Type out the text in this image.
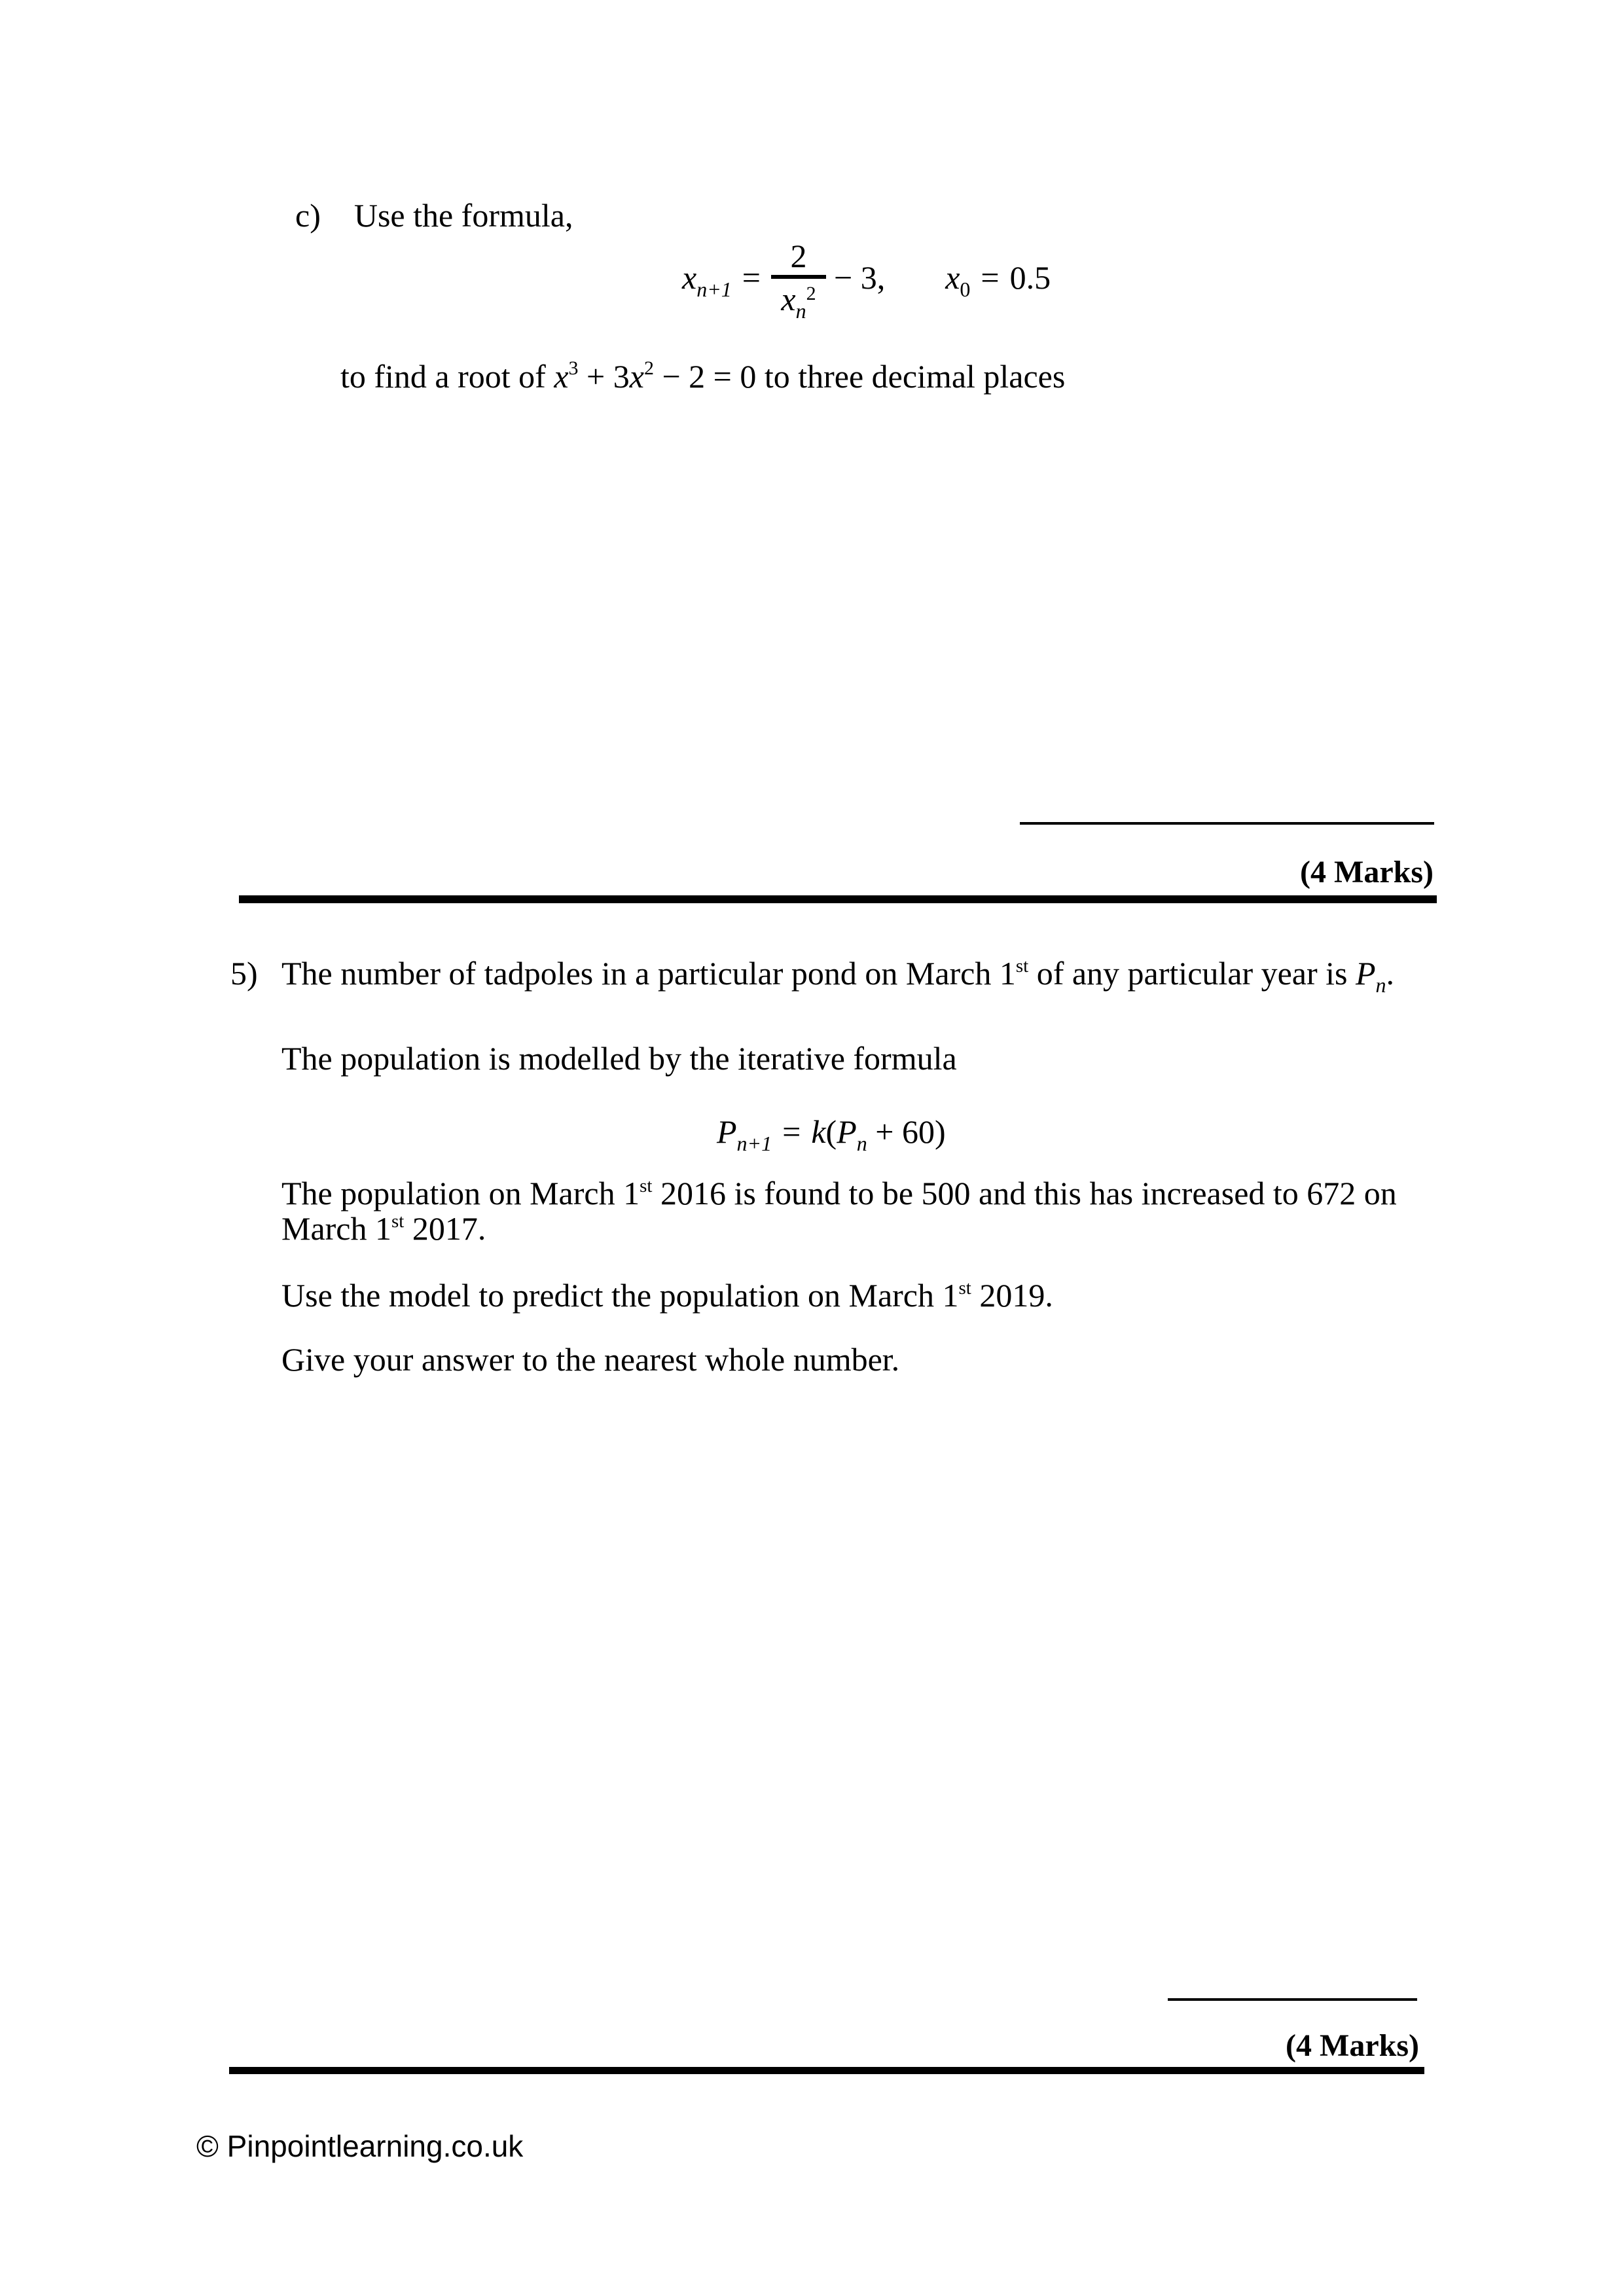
c) Use the formula,
$x_{n+1}$ =
2
$x_n^2 - 3$, $x_0 = 0.5$
to find a root of $x^3 + 3x^2 - 2 = 0$ to three decimal places
(4 Marks)
5) The number of tadpoles in a particular pond on March 1st of any particular year is $P_n$.
The population is modelled by the iterative formula
$P_{n+1} = k(P_n + 60)$
The population on March 1st 2016 is found to be 500 and this has increased to 672 on
March 1st 2017.
Use the model to predict the population on March 1st 2019.
Give your answer to the nearest whole number.
(4 Marks)
© Pinpointlearning.co.uk
